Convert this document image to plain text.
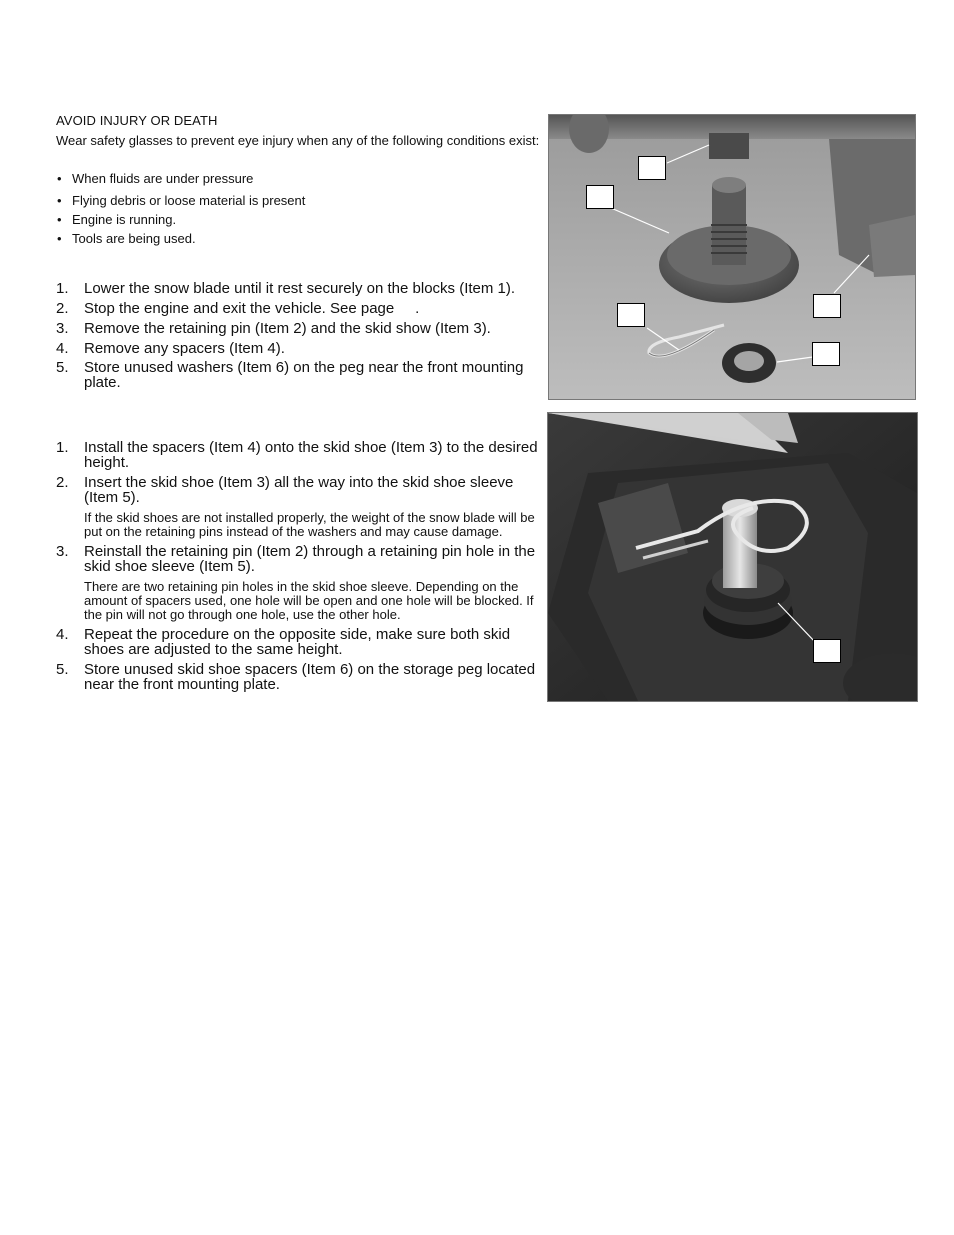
AVOID INJURY OR DEATH
Wear safety glasses to prevent eye injury when any of the following conditions exist:
• When fluids are under pressure
• Flying debris or loose material is present
• Engine is running.
• Tools are being used.
1. Lower the snow blade until it rest securely on the blocks (Item 1).
2. Stop the engine and exit the vehicle. See page     .
3. Remove the retaining pin (Item 2) and the skid show (Item 3).
4. Remove any spacers (Item 4).
5. Store unused washers (Item 6) on the peg near the front mounting plate.
1. Install the spacers (Item 4) onto the skid shoe (Item 3) to the desired height.
2. Insert the skid shoe (Item 3) all the way into the skid shoe sleeve (Item 5).
If the skid shoes are not installed properly, the weight of the snow blade will be put on the retaining pins instead of the washers and may cause damage.
3. Reinstall the retaining pin (Item 2) through a retaining pin hole in the skid shoe sleeve (Item 5).
There are two retaining pin holes in the skid shoe sleeve. Depending on the amount of spacers used, one hole will be open and one hole will be blocked. If the pin will not go through one hole, use the other hole.
4. Repeat the procedure on the opposite side, make sure both skid shoes are adjusted to the same height.
5. Store unused skid shoe spacers (Item 6) on the storage peg located near the front mounting plate.
